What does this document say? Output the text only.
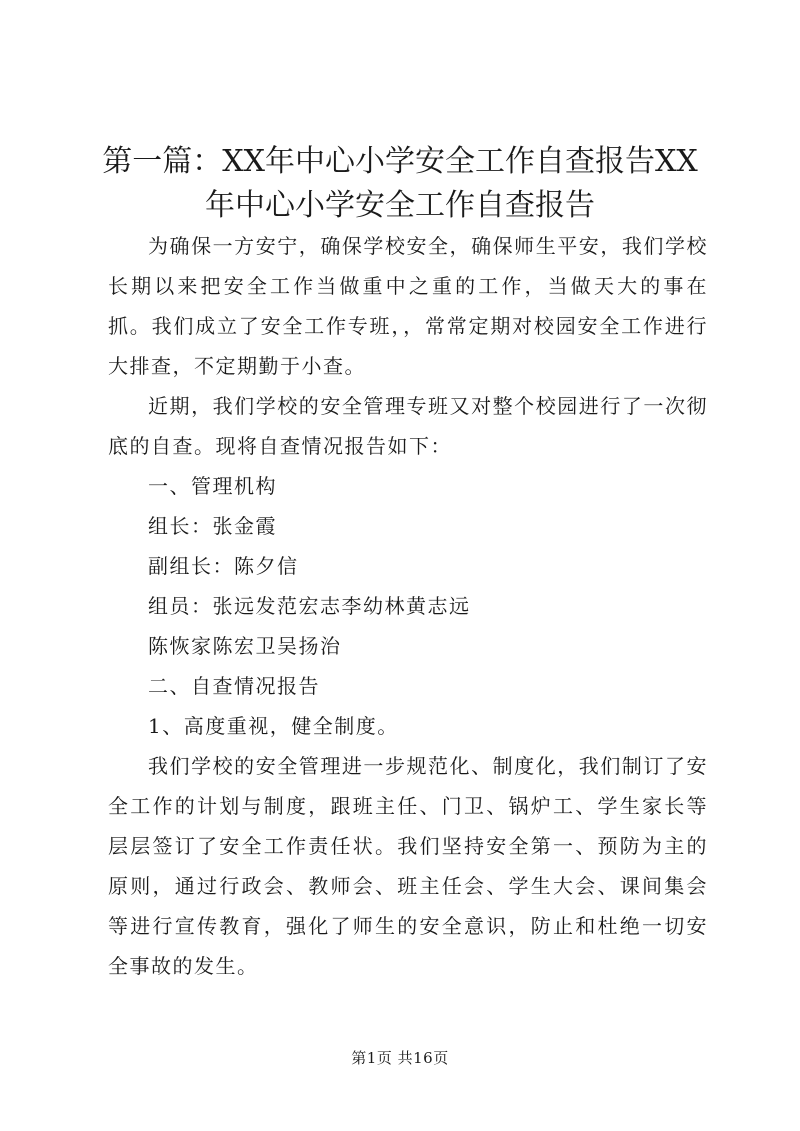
第一篇：XX年中心小学安全工作自查报告XX
年中心小学安全工作自查报告

为确保一方安宁，确保学校安全，确保师生平安，我们学校长期以来把安全工作当做重中之重的工作，当做天大的事在抓。我们成立了安全工作专班，，常常定期对校园安全工作进行大排查，不定期勤于小查。

近期，我们学校的安全管理专班又对整个校园进行了一次彻底的自查。现将自查情况报告如下：

一、管理机构

组长：张金霞

副组长：陈夕信

组员：张远发范宏志李幼林黄志远

陈恢家陈宏卫吴扬治

二、自查情况报告

1、高度重视，健全制度。

我们学校的安全管理进一步规范化、制度化，我们制订了安全工作的计划与制度，跟班主任、门卫、锅炉工、学生家长等层层签订了安全工作责任状。我们坚持安全第一、预防为主的原则，通过行政会、教师会、班主任会、学生大会、课间集会等进行宣传教育，强化了师生的安全意识，防止和杜绝一切安全事故的发生。

第1页 共16页
